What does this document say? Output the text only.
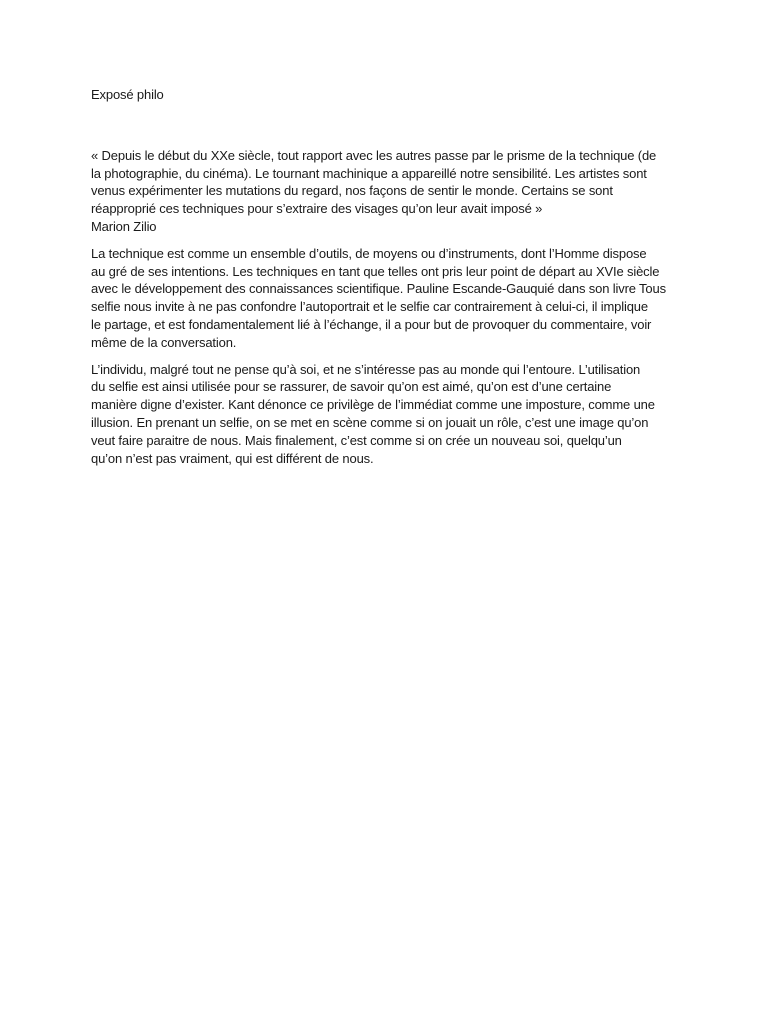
Exposé philo
« Depuis le début du XXe siècle, tout rapport avec les autres passe par le prisme de la technique (de
la photographie, du cinéma). Le tournant machinique a appareillé notre sensibilité. Les artistes sont
venus expérimenter les mutations du regard, nos façons de sentir le monde. Certains se sont
réapproprié ces techniques pour s’extraire des visages qu’on leur avait imposé »
Marion Zilio
La technique est comme un ensemble d’outils, de moyens ou d’instruments, dont l’Homme dispose
au gré de ses intentions. Les techniques en tant que telles ont pris leur point de départ au XVIe siècle
avec le développement des connaissances scientifique. Pauline Escande-Gauquié dans son livre Tous
selfie nous invite à ne pas confondre l’autoportrait et le selfie car contrairement à celui-ci, il implique
le partage, et est fondamentalement lié à l’échange, il a pour but de provoquer du commentaire, voir
même de la conversation.
L’individu, malgré tout ne pense qu’à soi, et ne s’intéresse pas au monde qui l’entoure. L’utilisation
du selfie est ainsi utilisée pour se rassurer, de savoir qu’on est aimé, qu’on est d’une certaine
manière digne d’exister. Kant dénonce ce privilège de l’immédiat comme une imposture, comme une
illusion. En prenant un selfie, on se met en scène comme si on jouait un rôle, c’est une image qu’on
veut faire paraitre de nous. Mais finalement, c’est comme si on crée un nouveau soi, quelqu’un
qu’on n’est pas vraiment, qui est différent de nous.
